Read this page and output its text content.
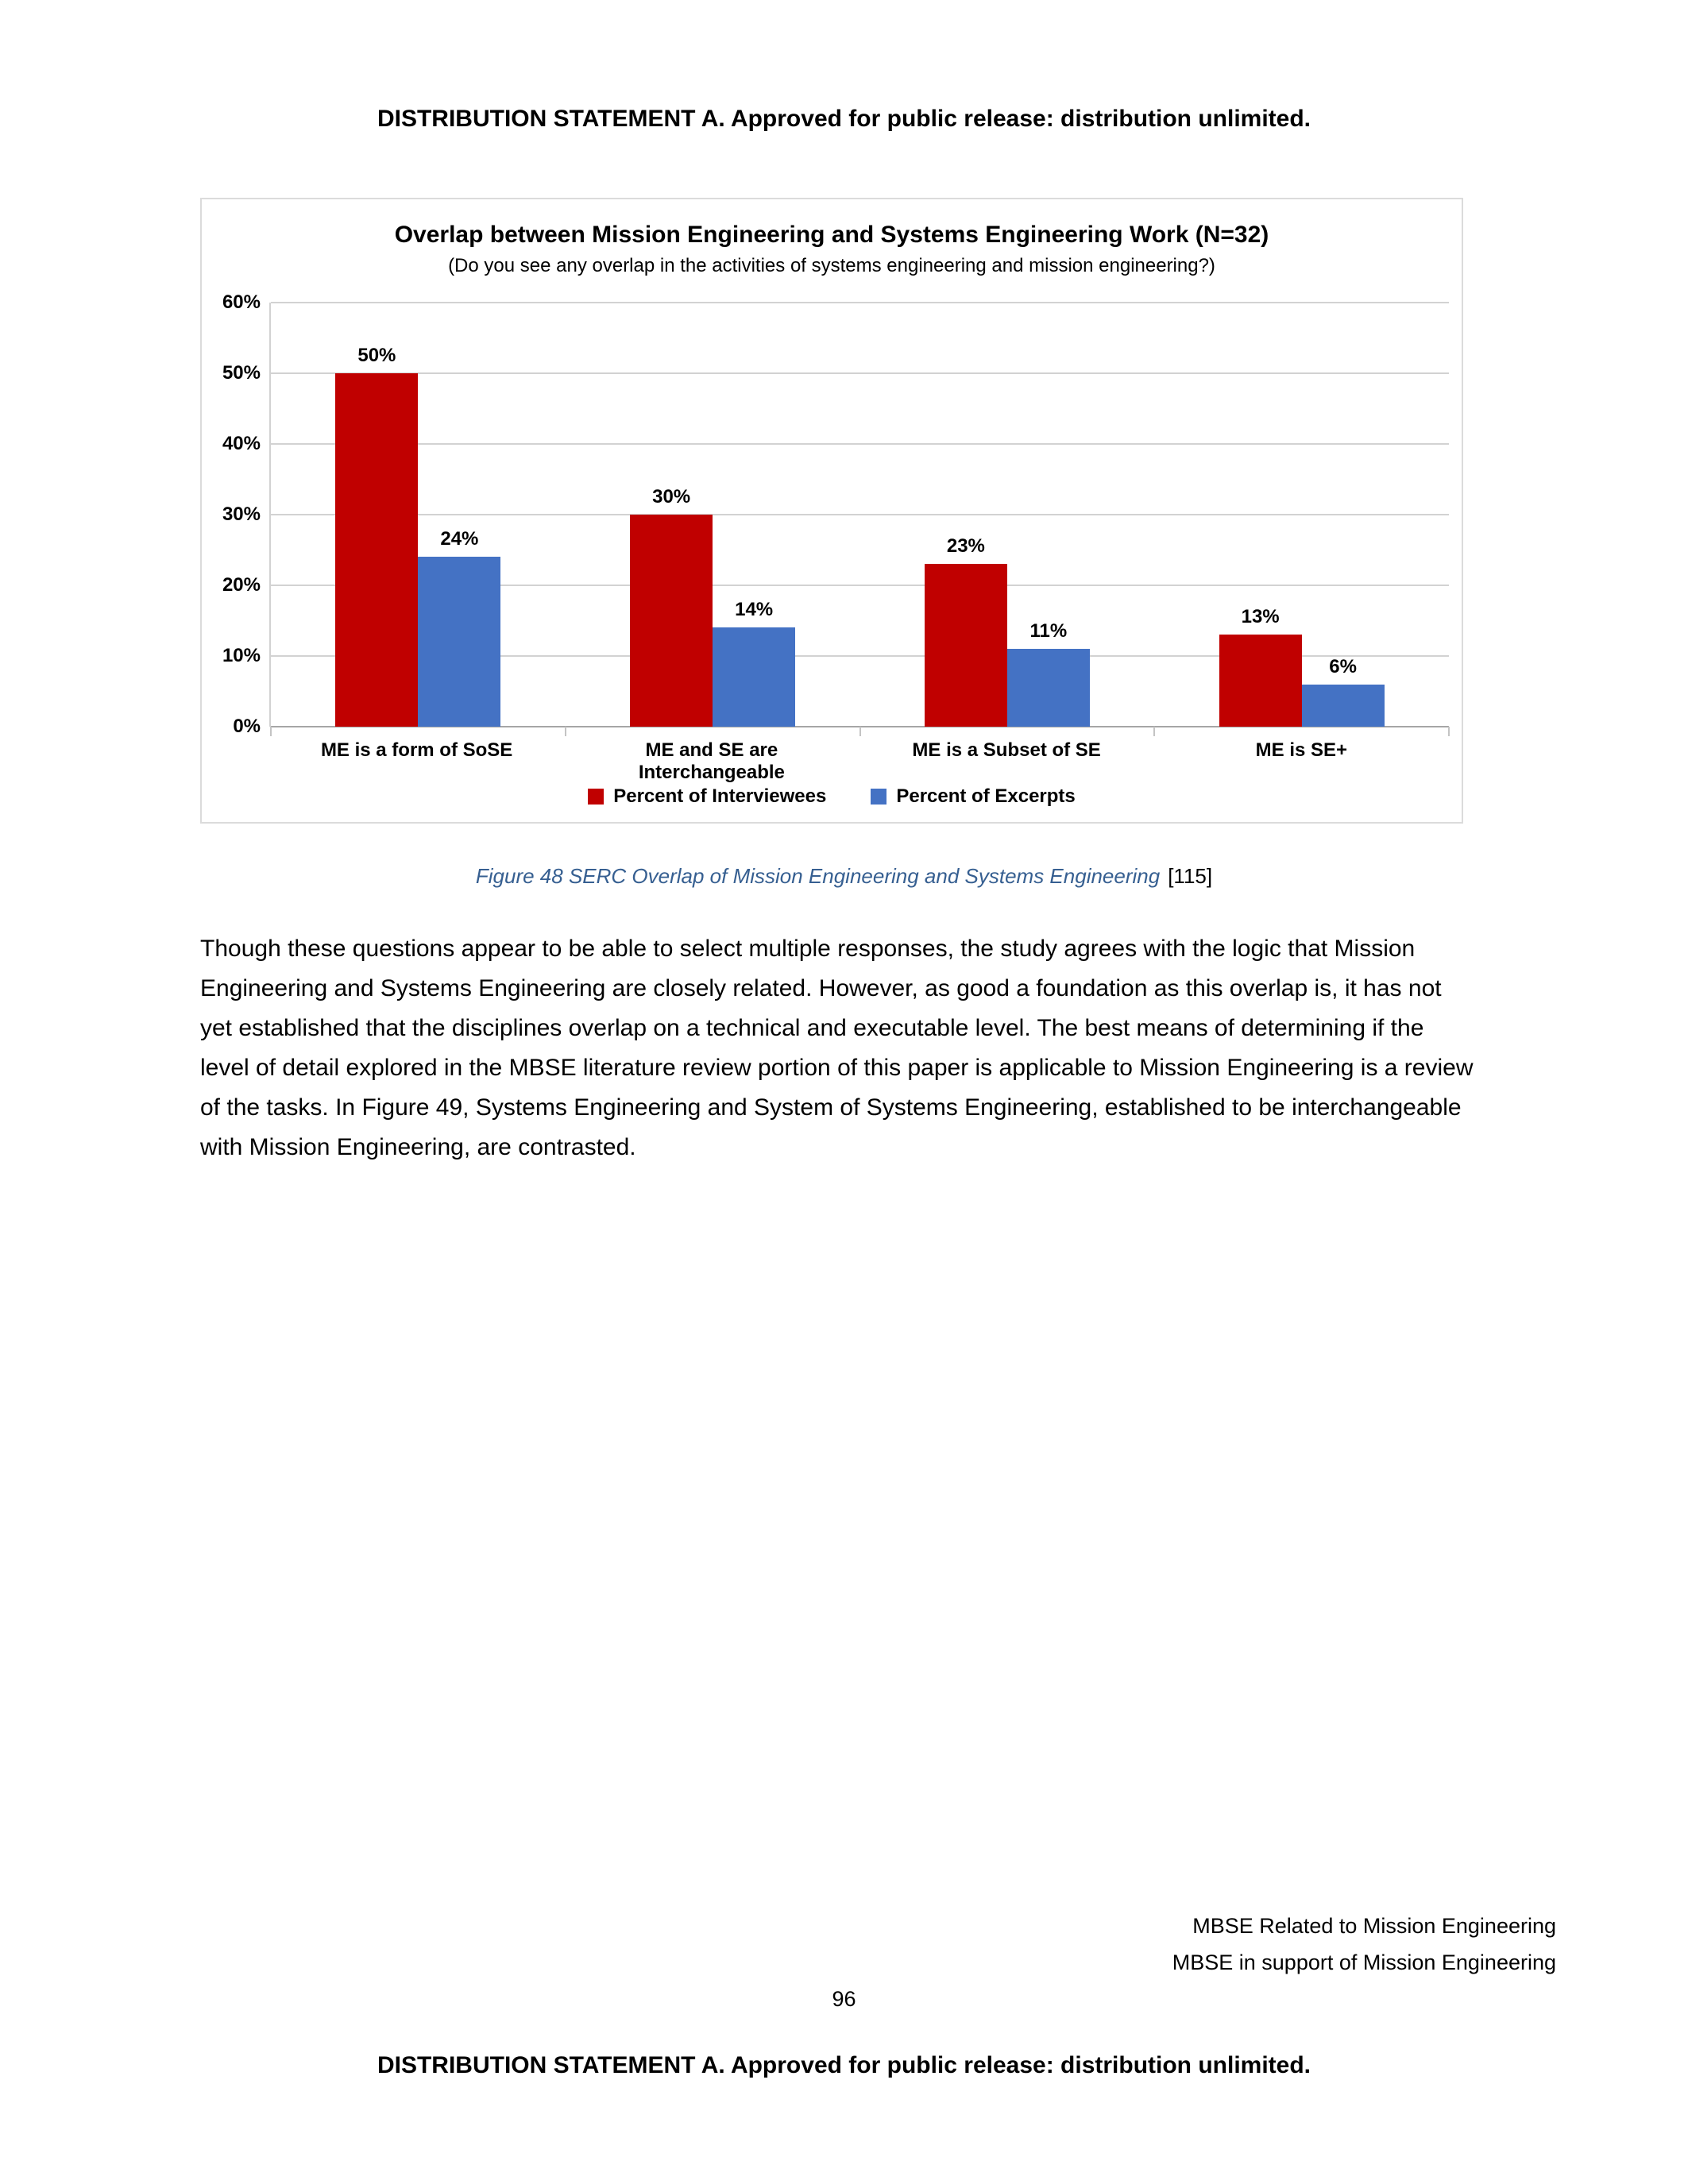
DISTRIBUTION STATEMENT A. Approved for public release: distribution unlimited.
Overlap between Mission Engineering and Systems Engineering Work (N=32)
(Do you see any overlap in the activities of systems engineering and mission engineering?)
0%
10%
20%
30%
40%
50%
60%
50%
24%
30%
14%
23%
11%
13%
6%
ME is a form of SoSE	ME and SE are Interchangeable
ME is a Subset of SE	ME is SE+
Percent of Interviewees	Percent of Excerpts
Figure 48 SERC Overlap of Mission Engineering and Systems Engineering [115]
Though these questions appear to be able to select multiple responses, the study agrees with the logic that Mission Engineering and Systems Engineering are closely related. However, as good a foundation as this overlap is, it has not yet established that the disciplines overlap on a technical and executable level. The best means of determining if the level of detail explored in the MBSE literature review portion of this paper is applicable to Mission Engineering is a review of the tasks. In Figure 49, Systems Engineering and System of Systems Engineering, established to be interchangeable with Mission Engineering, are contrasted.
MBSE Related to Mission Engineering
MBSE in support of Mission Engineering
96
DISTRIBUTION STATEMENT A. Approved for public release: distribution unlimited.
